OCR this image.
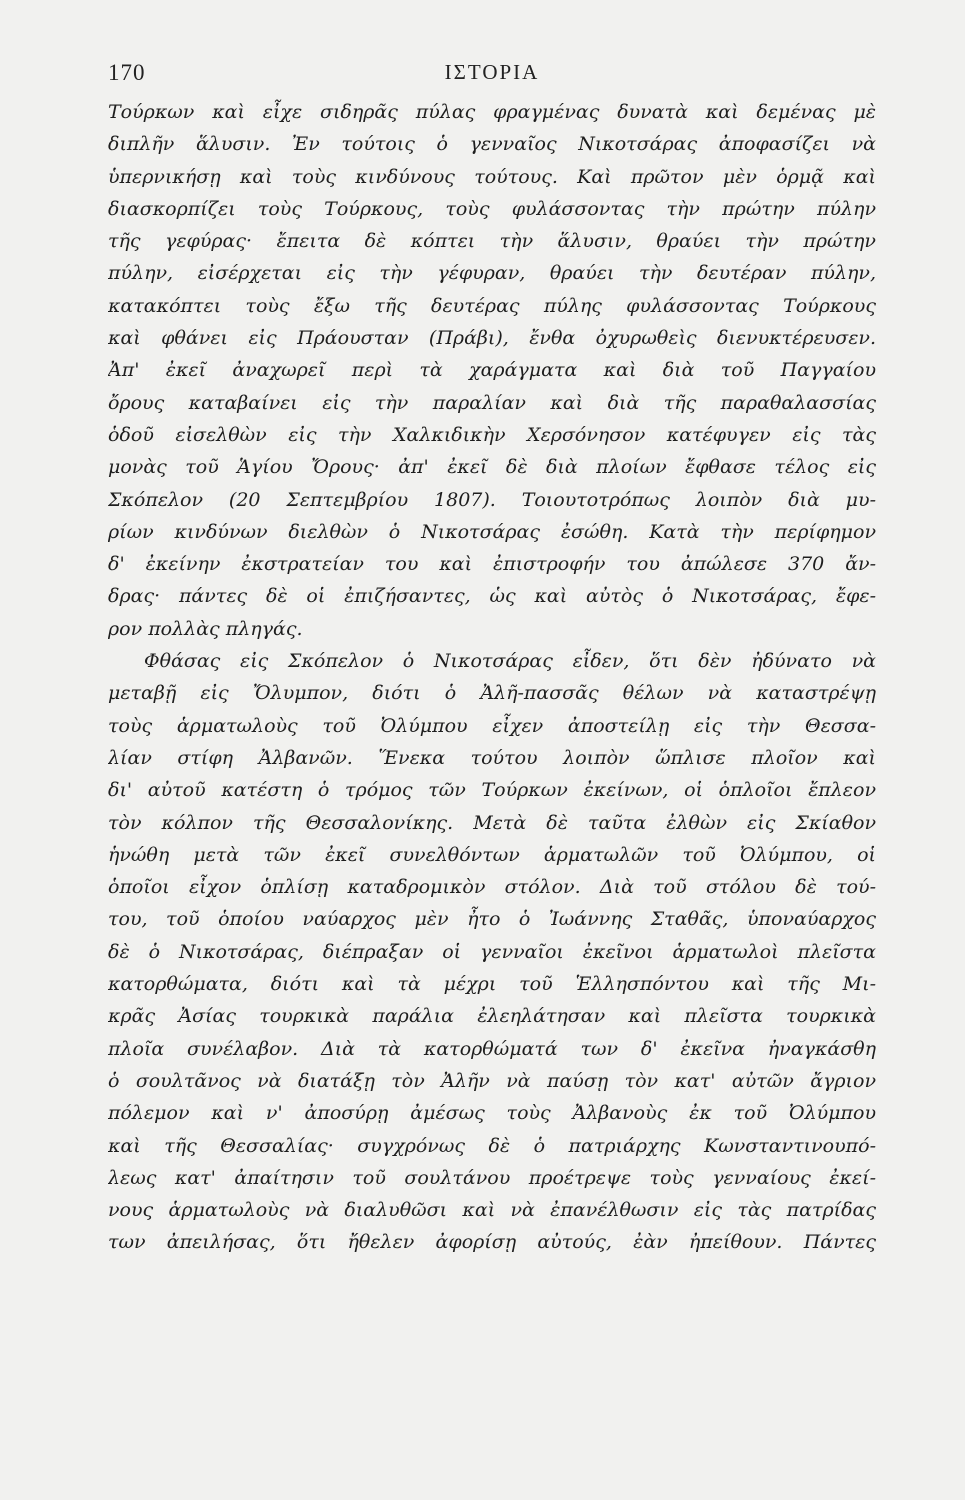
170	ΙΣΤΟΡΙΑ
Τούρκων καὶ εἶχε σιδηρᾶς πύλας φραγμένας δυνατὰ καὶ δεμένας μὲ
διπλῆν ἅλυσιν. Ἐν τούτοις ὁ γενναῖος Νικοτσάρας ἀποφασίζει νὰ
ὑπερνικήσῃ καὶ τοὺς κινδύνους τούτους. Καὶ πρῶτον μὲν ὁρμᾷ καὶ
διασκορπίζει τοὺς Τούρκους, τοὺς φυλάσσοντας τὴν πρώτην πύλην
τῆς γεφύρας· ἔπειτα δὲ κόπτει τὴν ἅλυσιν, θραύει τὴν πρώτην
πύλην, εἰσέρχεται εἰς τὴν γέφυραν, θραύει τὴν δευτέραν πύλην,
κατακόπτει τοὺς ἔξω τῆς δευτέρας πύλης φυλάσσοντας Τούρκους
καὶ φθάνει εἰς Πράουσταν (Πράβι), ἔνθα ὀχυρωθεὶς διενυκτέρευσεν.
Ἀπ' ἐκεῖ ἀναχωρεῖ περὶ τὰ χαράγματα καὶ διὰ τοῦ Παγγαίου
ὄρους καταβαίνει εἰς τὴν παραλίαν καὶ διὰ τῆς παραθαλασσίας
ὁδοῦ εἰσελθὼν εἰς τὴν Χαλκιδικὴν Χερσόνησον κατέφυγεν εἰς τὰς
μονὰς τοῦ Ἁγίου Ὄρους· ἀπ' ἐκεῖ δὲ διὰ πλοίων ἔφθασε τέλος εἰς
Σκόπελον (20 Σεπτεμβρίου 1807). Τοιουτοτρόπως λοιπὸν διὰ μυ-
ρίων κινδύνων διελθὼν ὁ Νικοτσάρας ἐσώθη. Κατὰ τὴν περίφημον
δ' ἐκείνην ἐκστρατείαν του καὶ ἐπιστροφήν του ἀπώλεσε 370 ἄν-
δρας· πάντες δὲ οἱ ἐπιζήσαντες, ὡς καὶ αὐτὸς ὁ Νικοτσάρας, ἔφε-
ρον πολλὰς πληγάς.
Φθάσας εἰς Σκόπελον ὁ Νικοτσάρας εἶδεν, ὅτι δὲν ἠδύνατο νὰ
μεταβῇ εἰς Ὄλυμπον, διότι ὁ Ἀλῆ-πασσᾶς θέλων νὰ καταστρέψῃ
τοὺς ἁρματωλοὺς τοῦ Ὀλύμπου εἶχεν ἀποστείλῃ εἰς τὴν Θεσσα-
λίαν στίφη Ἀλβανῶν. Ἕνεκα τούτου λοιπὸν ὥπλισε πλοῖον καὶ
δι' αὐτοῦ κατέστη ὁ τρόμος τῶν Τούρκων ἐκείνων, οἱ ὁπλοῖοι ἔπλεον
τὸν κόλπον τῆς Θεσσαλονίκης. Μετὰ δὲ ταῦτα ἐλθὼν εἰς Σκίαθον
ἡνώθη μετὰ τῶν ἐκεῖ συνελθόντων ἁρματωλῶν τοῦ Ὀλύμπου, οἱ
ὁποῖοι εἶχον ὁπλίσῃ καταδρομικὸν στόλον. Διὰ τοῦ στόλου δὲ τού-
του, τοῦ ὁποίου ναύαρχος μὲν ἦτο ὁ Ἰωάννης Σταθᾶς, ὑποναύαρχος
δὲ ὁ Νικοτσάρας, διέπραξαν οἱ γενναῖοι ἐκεῖνοι ἁρματωλοὶ πλεῖστα
κατορθώματα, διότι καὶ τὰ μέχρι τοῦ Ἑλλησπόντου καὶ τῆς Μι-
κρᾶς Ἀσίας τουρκικὰ παράλια ἐλεηλάτησαν καὶ πλεῖστα τουρκικὰ
πλοῖα συνέλαβον. Διὰ τὰ κατορθώματά των δ' ἐκεῖνα ἠναγκάσθη
ὁ σουλτᾶνος νὰ διατάξῃ τὸν Ἀλῆν νὰ παύσῃ τὸν κατ' αὐτῶν ἄγριον
πόλεμον καὶ ν' ἀποσύρῃ ἀμέσως τοὺς Ἀλβανοὺς ἐκ τοῦ Ὀλύμπου
καὶ τῆς Θεσσαλίας· συγχρόνως δὲ ὁ πατριάρχης Κωνσταντινουπό-
λεως κατ' ἀπαίτησιν τοῦ σουλτάνου προέτρεψε τοὺς γενναίους ἐκεί-
νους ἁρματωλοὺς νὰ διαλυθῶσι καὶ νὰ ἐπανέλθωσιν εἰς τὰς πατρίδας
των ἀπειλήσας, ὅτι ἤθελεν ἀφορίσῃ αὐτούς, ἐὰν ἠπείθουν. Πάντες
